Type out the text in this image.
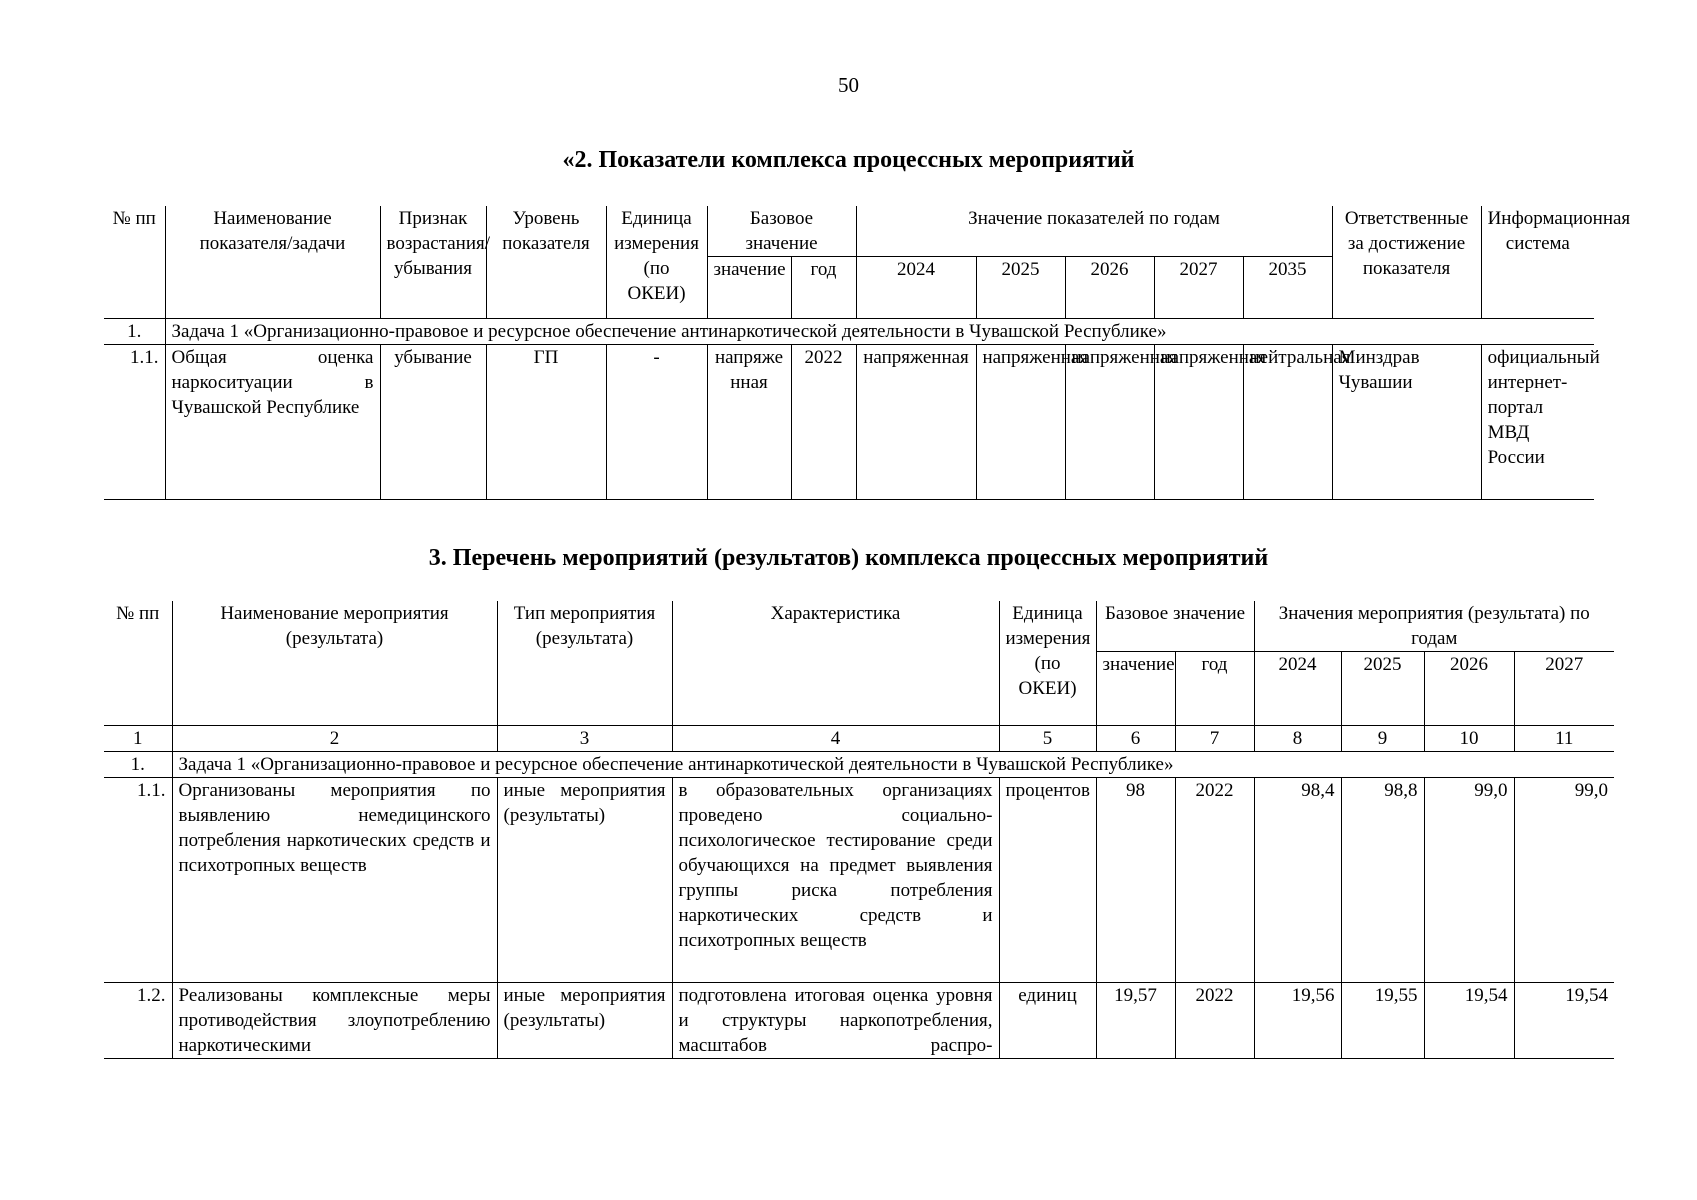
50
«2. Показатели комплекса процессных мероприятий
№ пп	Наименование показателя/задачи	Признак возрастания/ убывания	Уровень показателя	Единица измерения (по ОКЕИ)	Базовое значение		Значение показателей по годам					Ответственные за достижение показателя	Информационная система
					значение	год	2024	2025	2026	2027	2035		
1.	Задача 1 «Организационно-правовое и ресурсное обеспечение антинаркотической деятельности в Чувашской Республике»												
1.1.	Общая оценка наркоситуации в Чувашской Республике	убывание	ГП	-	напряженная	2022	напряженная	напряженная	напряженная	напряженная	нейтральная	Минздрав Чувашии	официальный интернет-портал МВД России
3. Перечень мероприятий (результатов) комплекса процессных мероприятий
№ пп	Наименование мероприятия (результата)	Тип мероприятия (результата)	Характеристика	Единица измерения (по ОКЕИ)	Базовое значение		Значения мероприятия (результата) по годам			
					значение	год	2024	2025	2026	2027
1	2	3	4	5	6	7	8	9	10	11
1.	Задача 1 «Организационно-правовое и ресурсное обеспечение антинаркотической деятельности в Чувашской Республике»									
1.1.	Организованы мероприятия по выявлению немедицинского потребления наркотических средств и психотропных веществ	иные мероприятия (результаты)	в образовательных организациях проведено социально-психологическое тестирование среди обучающихся на предмет выявления группы риска потребления наркотических средств и психотропных веществ	процентов	98	2022	98,4	98,8	99,0	99,0
1.2.	Реализованы комплексные меры противодействия злоупотреблению наркотическими	иные мероприятия (результаты)	подготовлена итоговая оценка уровня и структуры наркопотребления, масштабов распро-	единиц	19,57	2022	19,56	19,55	19,54	19,54
